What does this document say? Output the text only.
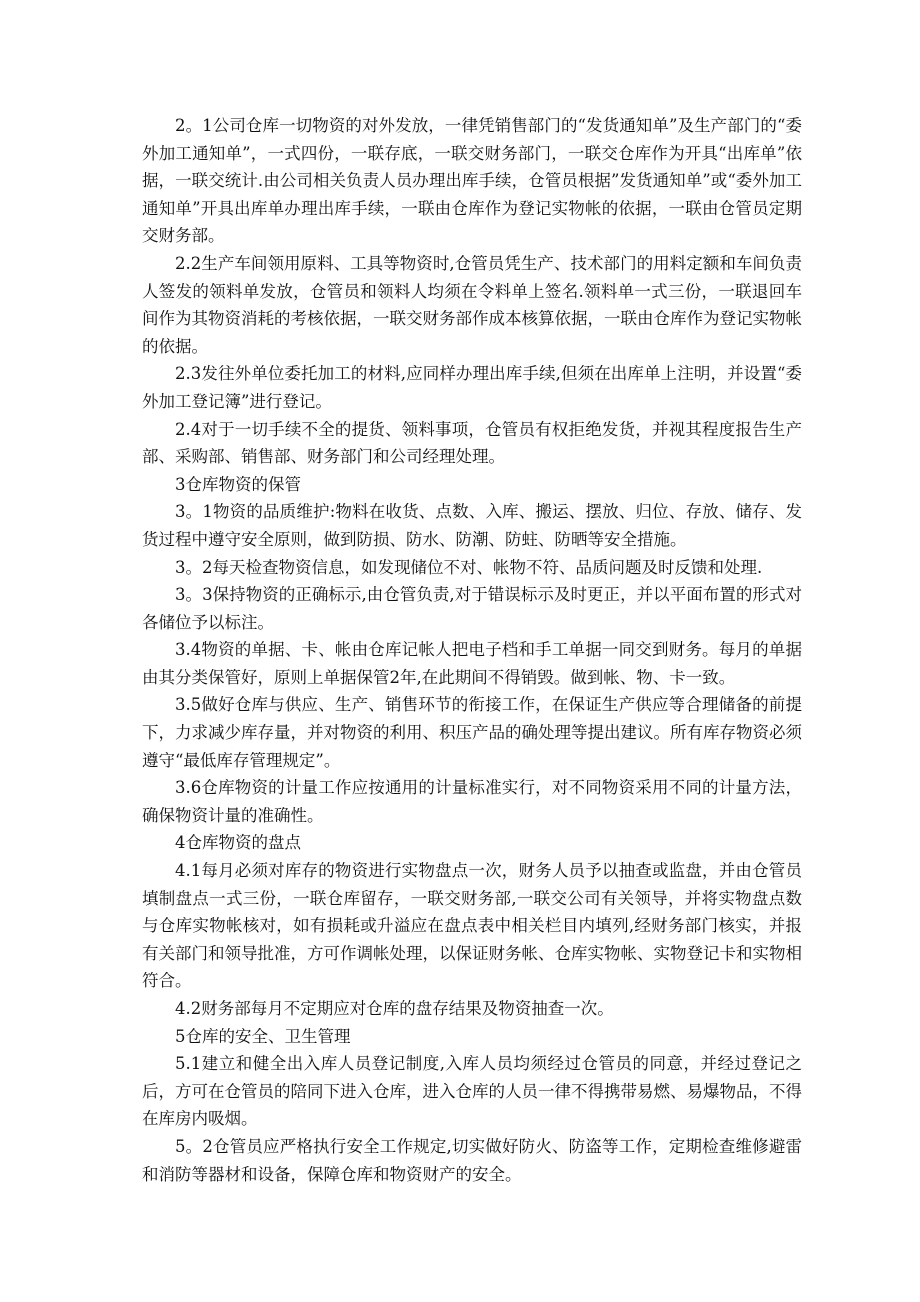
2。1公司仓库一切物资的对外发放，一律凭销售部门的“发货通知单”及生产部门的“委外加工通知单”，一式四份，一联存底，一联交财务部门，一联交仓库作为开具“出库单”依据，一联交统计.由公司相关负责人员办理出库手续，仓管员根据”发货通知单”或“委外加工通知单”开具出库单办理出库手续，一联由仓库作为登记实物帐的依据，一联由仓管员定期交财务部。

2.2生产车间领用原料、工具等物资时,仓管员凭生产、技术部门的用料定额和车间负责人签发的领料单发放，仓管员和领料人均须在令料单上签名.领料单一式三份，一联退回车间作为其物资消耗的考核依据，一联交财务部作成本核算依据，一联由仓库作为登记实物帐的依据。

2.3发往外单位委托加工的材料,应同样办理出库手续,但须在出库单上注明，并设置“委外加工登记簿”进行登记。

2.4对于一切手续不全的提货、领料事项，仓管员有权拒绝发货，并视其程度报告生产部、采购部、销售部、财务部门和公司经理处理。

3仓库物资的保管

3。1物资的品质维护:物料在收货、点数、入库、搬运、摆放、归位、存放、储存、发货过程中遵守安全原则，做到防损、防水、防潮、防蛀、防晒等安全措施。

3。2每天检查物资信息，如发现储位不对、帐物不符、品质问题及时反馈和处理.

3。3保持物资的正确标示,由仓管负责,对于错误标示及时更正，并以平面布置的形式对各储位予以标注。

3.4物资的单据、卡、帐由仓库记帐人把电子档和手工单据一同交到财务。每月的单据由其分类保管好，原则上单据保管2年,在此期间不得销毁。做到帐、物、卡一致。

3.5做好仓库与供应、生产、销售环节的衔接工作，在保证生产供应等合理储备的前提下，力求减少库存量，并对物资的利用、积压产品的确处理等提出建议。所有库存物资必须遵守“最低库存管理规定”。

3.6仓库物资的计量工作应按通用的计量标准实行，对不同物资采用不同的计量方法，确保物资计量的准确性。

4仓库物资的盘点

4.1每月必须对库存的物资进行实物盘点一次，财务人员予以抽查或监盘，并由仓管员填制盘点一式三份，一联仓库留存，一联交财务部,一联交公司有关领导，并将实物盘点数与仓库实物帐核对，如有损耗或升溢应在盘点表中相关栏目内填列,经财务部门核实，并报有关部门和领导批准，方可作调帐处理，以保证财务帐、仓库实物帐、实物登记卡和实物相符合。

4.2财务部每月不定期应对仓库的盘存结果及物资抽查一次。

5仓库的安全、卫生管理

5.1建立和健全出入库人员登记制度,入库人员均须经过仓管员的同意，并经过登记之后，方可在仓管员的陪同下进入仓库，进入仓库的人员一律不得携带易燃、易爆物品，不得在库房内吸烟。

5。2仓管员应严格执行安全工作规定,切实做好防火、防盗等工作，定期检查维修避雷和消防等器材和设备，保障仓库和物资财产的安全。
